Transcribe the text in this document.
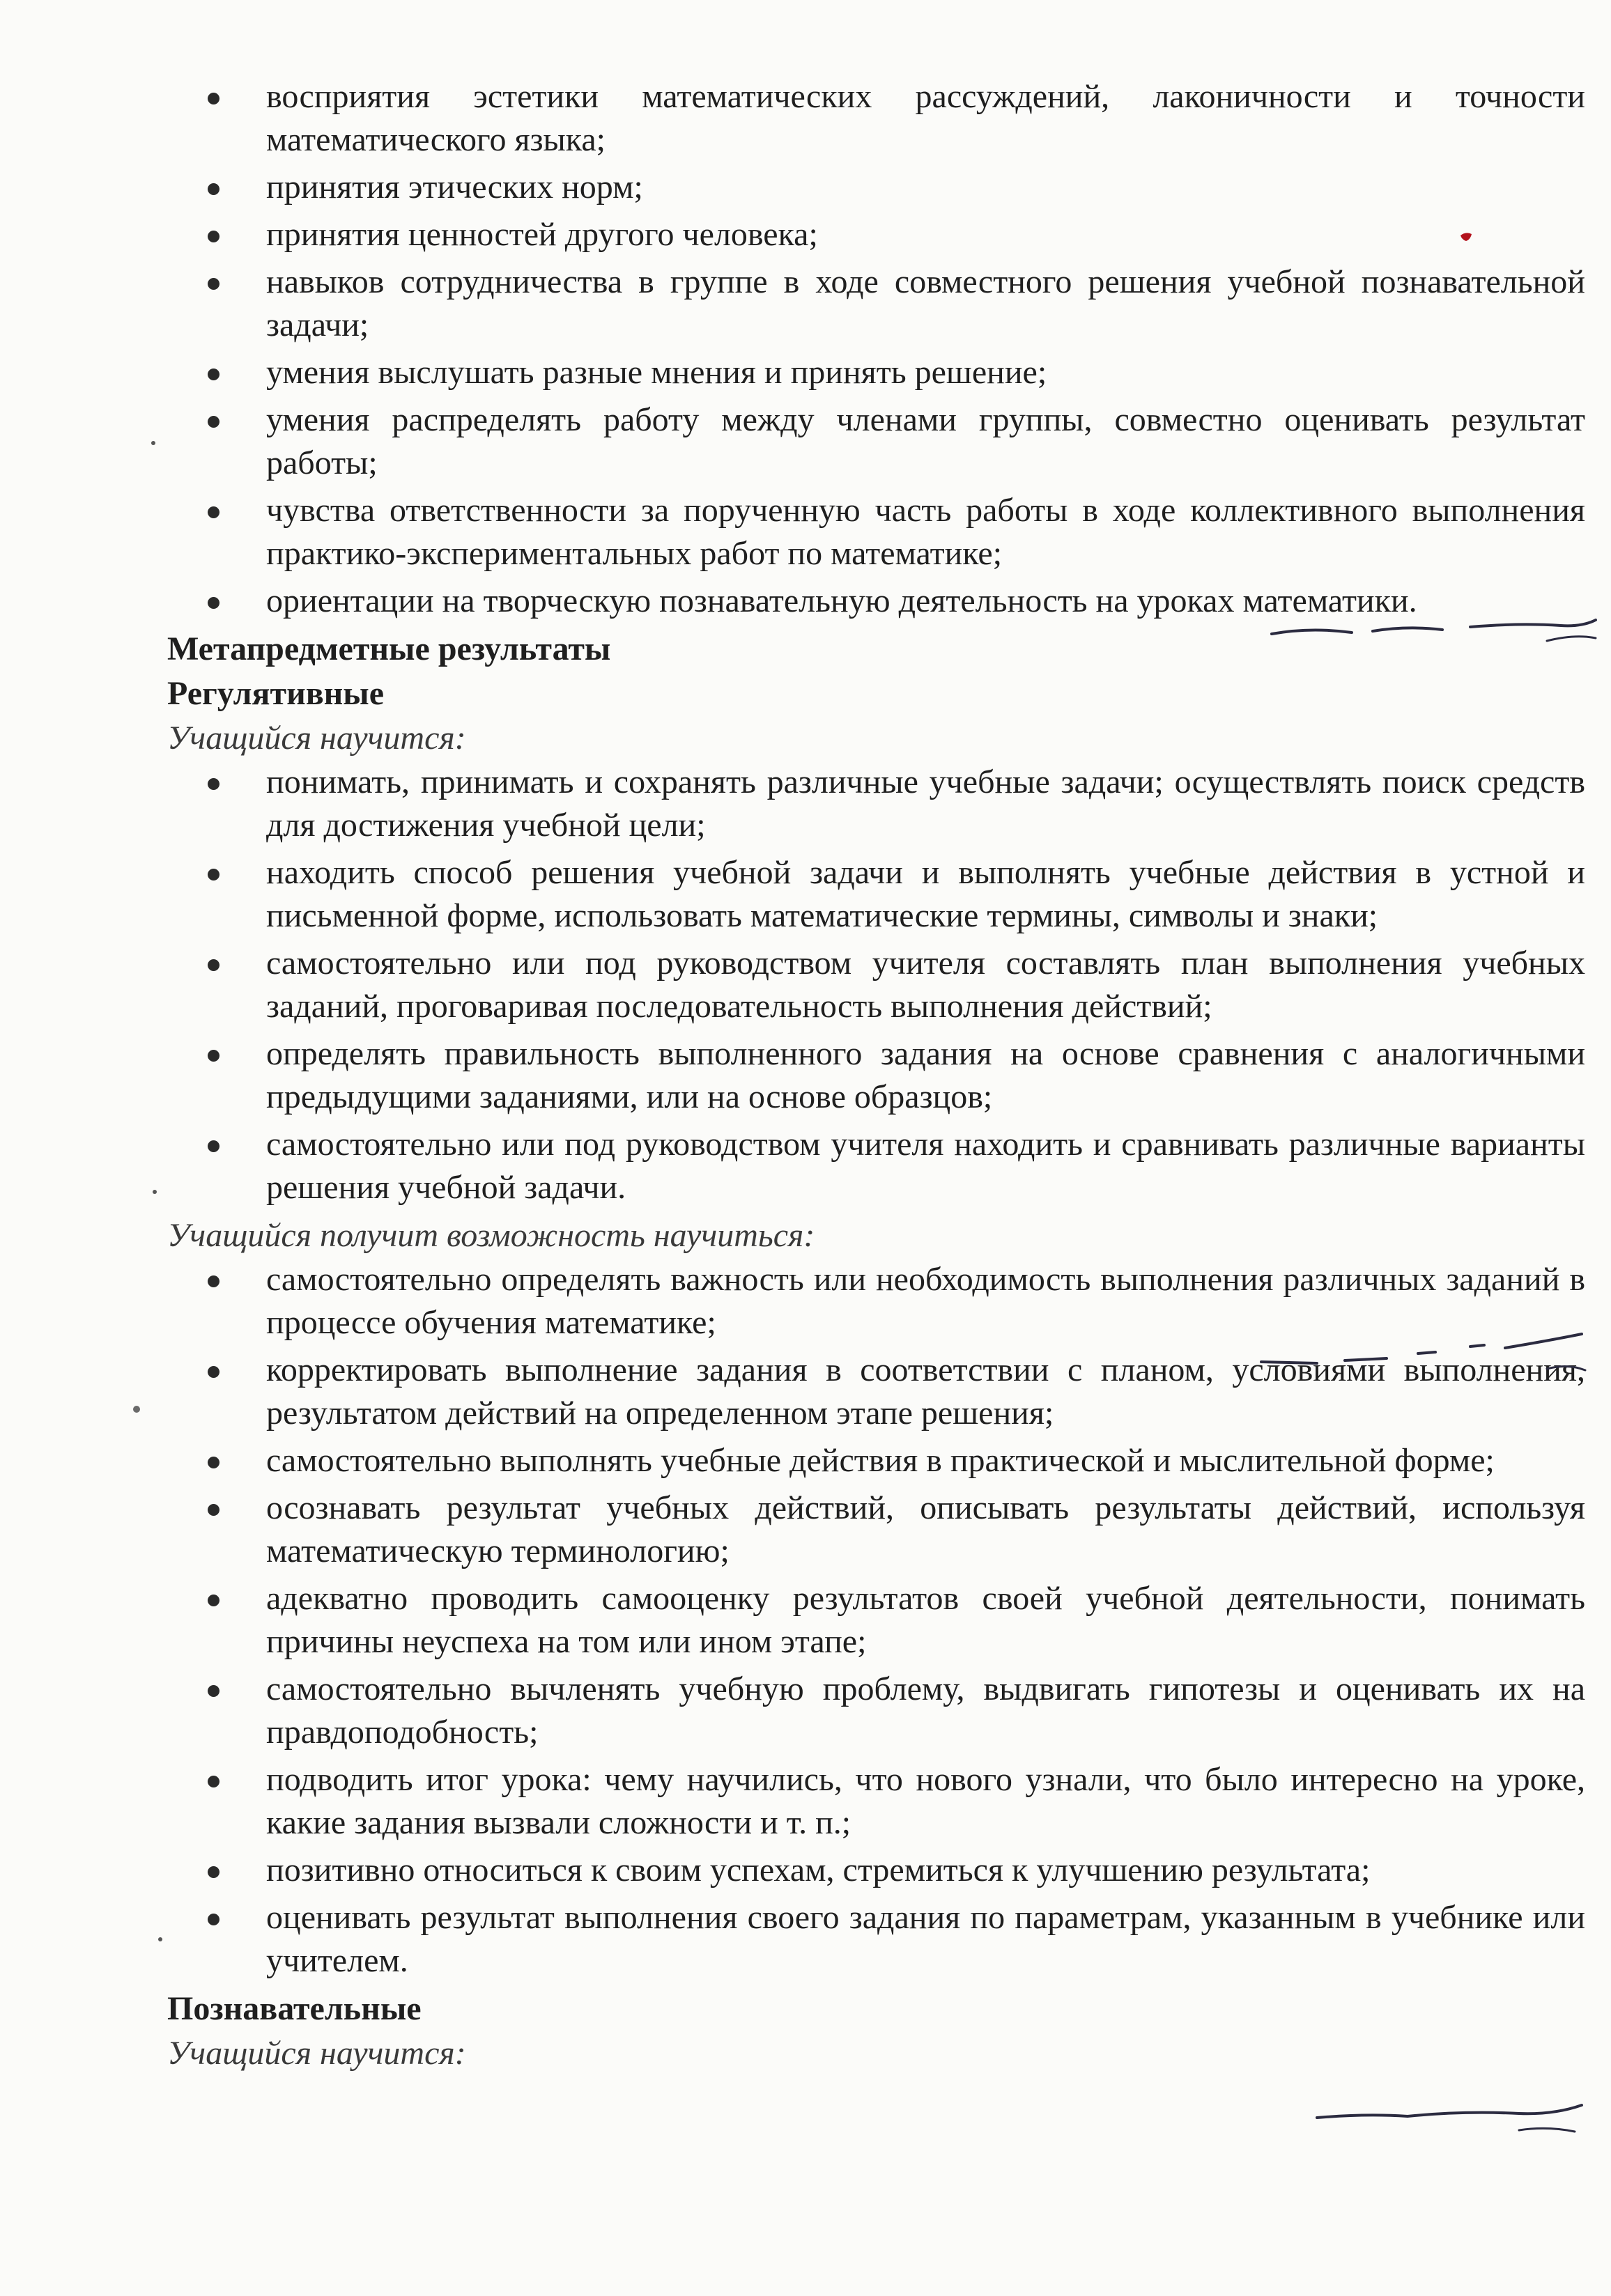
восприятия эстетики математических рассуждений, лаконичности и точности математического языка;
принятия этических норм;
принятия ценностей другого человека;
навыков сотрудничества в группе в ходе совместного решения учебной познавательной задачи;
умения выслушать разные мнения и принять решение;
умения распределять работу между членами группы, совместно оценивать результат работы;
чувства ответственности за порученную часть работы в ходе коллективного выполнения практико-экспериментальных работ по математике;
ориентации на творческую познавательную деятельность на уроках математики.

Метапредметные результаты

Регулятивные

Учащийся научится:

понимать, принимать и сохранять различные учебные задачи; осуществлять поиск средств для достижения учебной цели;
находить способ решения учебной задачи и выполнять учебные действия в устной и письменной форме, использовать математические термины, символы и знаки;
самостоятельно или под руководством учителя составлять план выполнения учебных заданий, проговаривая последовательность выполнения действий;
определять правильность выполненного задания на основе сравнения с аналогичными предыдущими заданиями, или на основе образцов;
самостоятельно или под руководством учителя находить и сравнивать различные варианты решения учебной задачи.

Учащийся получит возможность научиться:

самостоятельно определять важность или необходимость выполнения различных заданий в процессе обучения математике;
корректировать выполнение задания в соответствии с планом, условиями выполнения, результатом действий на определенном этапе решения;
самостоятельно выполнять учебные действия в практической и мыслительной форме;
осознавать результат учебных действий, описывать результаты действий, используя математическую терминологию;
адекватно проводить самооценку результатов своей учебной деятельности, понимать причины неуспеха на том или ином этапе;
самостоятельно вычленять учебную проблему, выдвигать гипотезы и оценивать их на правдоподобность;
подводить итог урока: чему научились, что нового узнали, что было интересно на уроке, какие задания вызвали сложности и т. п.;
позитивно относиться к своим успехам, стремиться к улучшению результата;
оценивать результат выполнения своего задания по параметрам, указанным в учебнике или учителем.

Познавательные

Учащийся научится:
